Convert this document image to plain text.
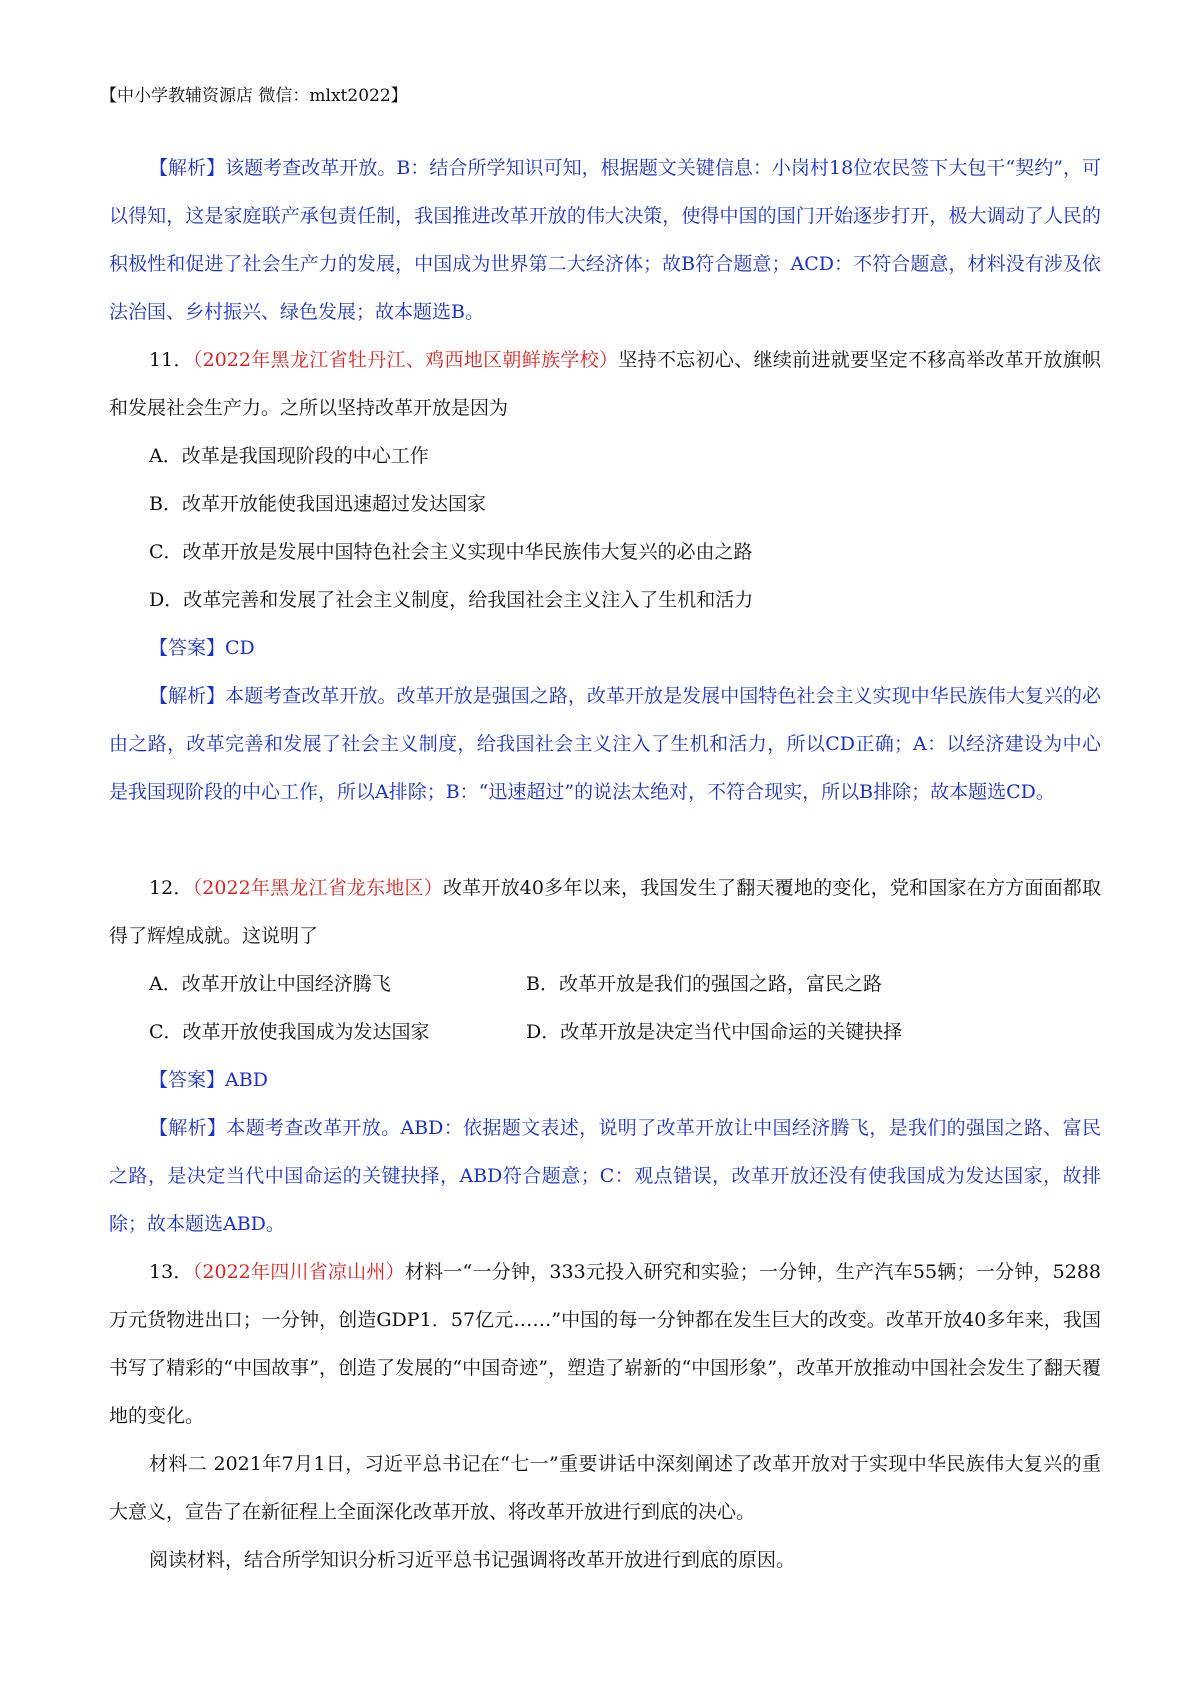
【中小学教辅资源店 微信：mlxt2022】
【解析】该题考查改革开放。B：结合所学知识可知，根据题文关键信息：小岗村18位农民签下大包干“契约”，可以得知，这是家庭联产承包责任制，我国推进改革开放的伟大决策，使得中国的国门开始逐步打开，极大调动了人民的积极性和促进了社会生产力的发展，中国成为世界第二大经济体；故B符合题意；ACD：不符合题意，材料没有涉及依法治国、乡村振兴、绿色发展；故本题选B。
11．（2022年黑龙江省牡丹江、鸡西地区朝鲜族学校）坚持不忘初心、继续前进就要坚定不移高举改革开放旗帜和发展社会生产力。之所以坚持改革开放是因为
A．改革是我国现阶段的中心工作
B．改革开放能使我国迅速超过发达国家
C．改革开放是发展中国特色社会主义实现中华民族伟大复兴的必由之路
D．改革完善和发展了社会主义制度，给我国社会主义注入了生机和活力
【答案】CD
【解析】本题考查改革开放。改革开放是强国之路，改革开放是发展中国特色社会主义实现中华民族伟大复兴的必由之路，改革完善和发展了社会主义制度，给我国社会主义注入了生机和活力，所以CD正确；A：以经济建设为中心是我国现阶段的中心工作，所以A排除；B：“迅速超过”的说法太绝对，不符合现实，所以B排除；故本题选CD。
12．（2022年黑龙江省龙东地区）改革开放40多年以来，我国发生了翻天覆地的变化，党和国家在方方面面都取得了辉煌成就。这说明了
A．改革开放让中国经济腾飞	B．改革开放是我们的强国之路，富民之路
C．改革开放使我国成为发达国家	D．改革开放是决定当代中国命运的关键抉择
【答案】ABD
【解析】本题考查改革开放。ABD：依据题文表述，说明了改革开放让中国经济腾飞，是我们的强国之路、富民之路，是决定当代中国命运的关键抉择，ABD符合题意；C：观点错误，改革开放还没有使我国成为发达国家，故排除；故本题选ABD。
13．（2022年四川省凉山州）材料一“一分钟，333元投入研究和实验；一分钟，生产汽车55辆；一分钟，5288万元货物进出口；一分钟，创造GDP1．57亿元……”中国的每一分钟都在发生巨大的改变。改革开放40多年来，我国书写了精彩的“中国故事”，创造了发展的“中国奇迹”，塑造了崭新的“中国形象”，改革开放推动中国社会发生了翻天覆地的变化。
材料二 2021年7月1日，习近平总书记在“七一”重要讲话中深刻阐述了改革开放对于实现中华民族伟大复兴的重大意义，宣告了在新征程上全面深化改革开放、将改革开放进行到底的决心。
阅读材料，结合所学知识分析习近平总书记强调将改革开放进行到底的原因。
